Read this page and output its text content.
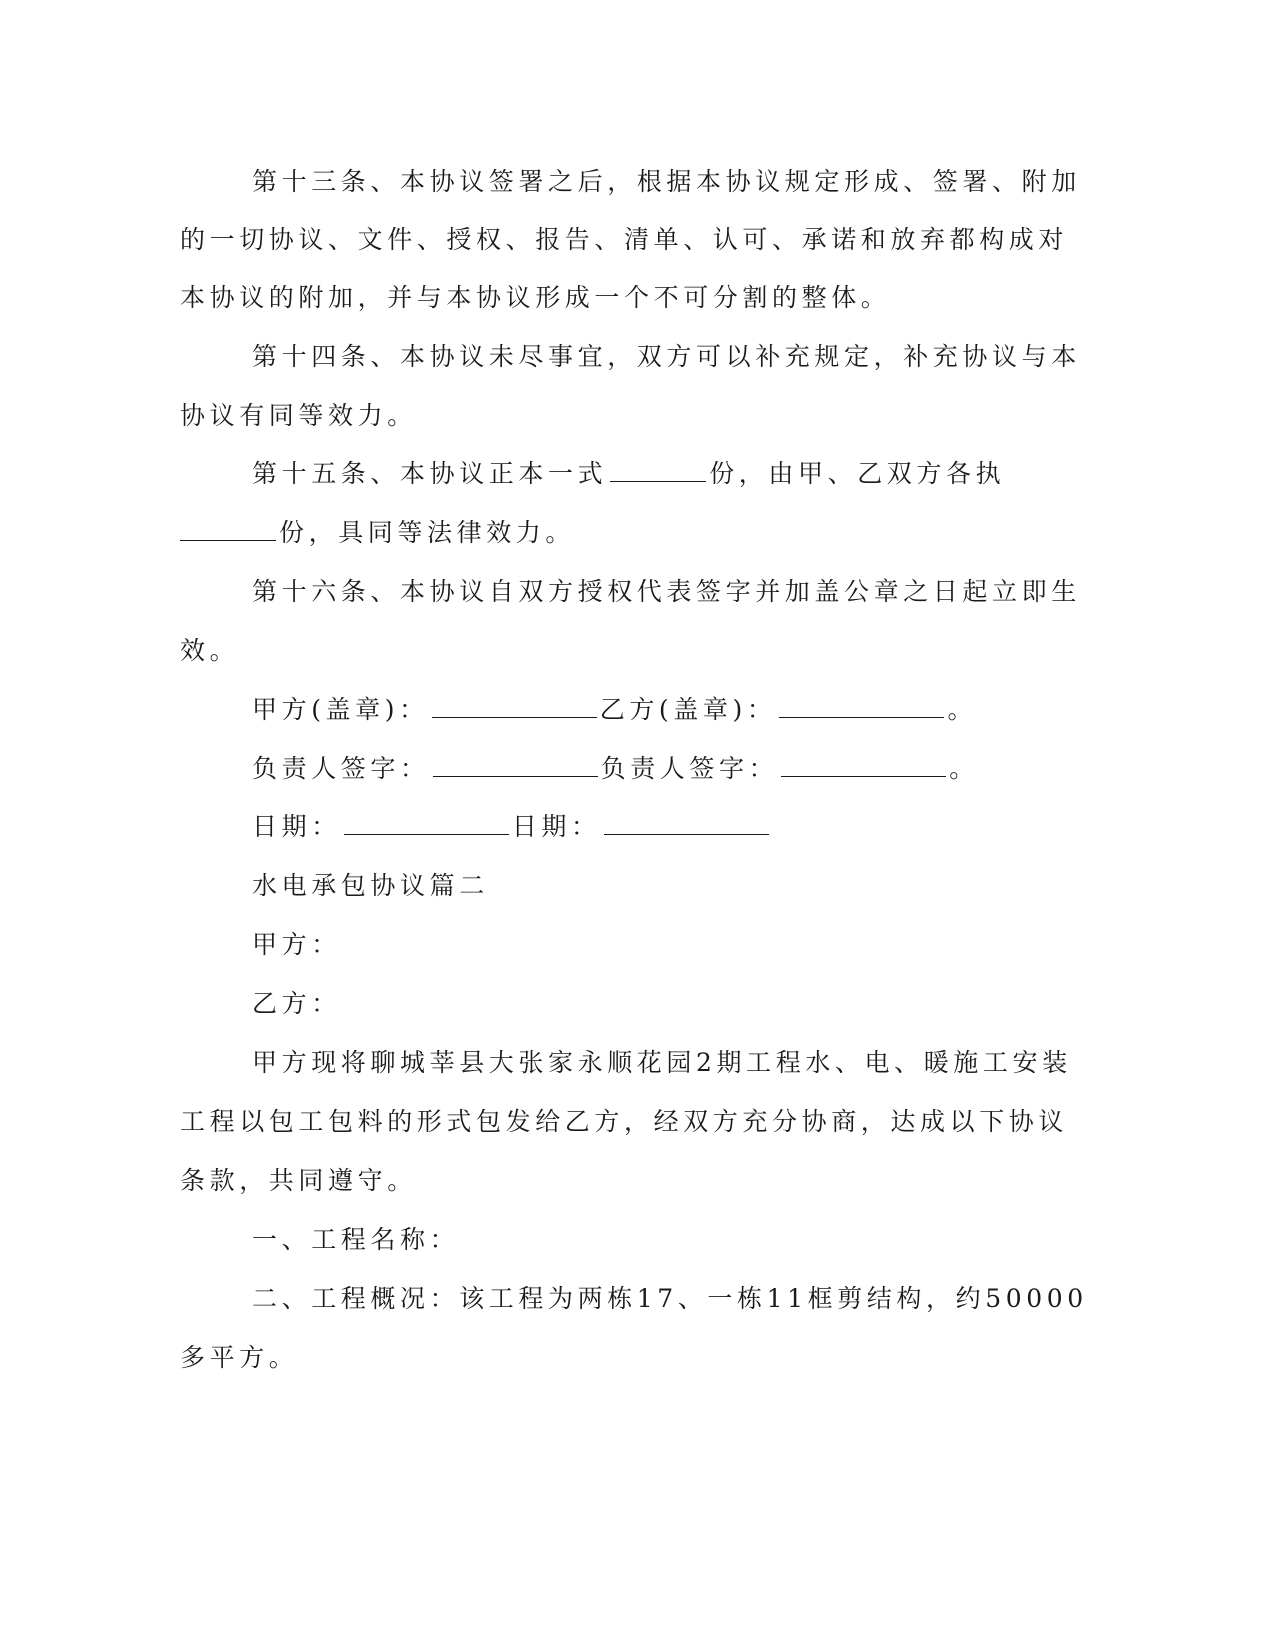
第十三条、本协议签署之后，根据本协议规定形成、签署、附加
的一切协议、文件、授权、报告、清单、认可、承诺和放弃都构成对
本协议的附加，并与本协议形成一个不可分割的整体。
第十四条、本协议未尽事宜，双方可以补充规定，补充协议与本
协议有同等效力。
第十五条、本协议正本一式	份，由甲、乙双方各执
份，具同等法律效力。
第十六条、本协议自双方授权代表签字并加盖公章之日起立即生
效。
甲方(盖章)：	乙方(盖章)：	。
负责人签字：	负责人签字：	。
日期：	日期：
水电承包协议篇二
甲方：
乙方：
甲方现将聊城莘县大张家永顺花园2期工程水、电、暖施工安装
工程以包工包料的形式包发给乙方，经双方充分协商，达成以下协议
条款，共同遵守。
一、工程名称：
二、工程概况：该工程为两栋17、一栋11框剪结构，约50000
多平方。
